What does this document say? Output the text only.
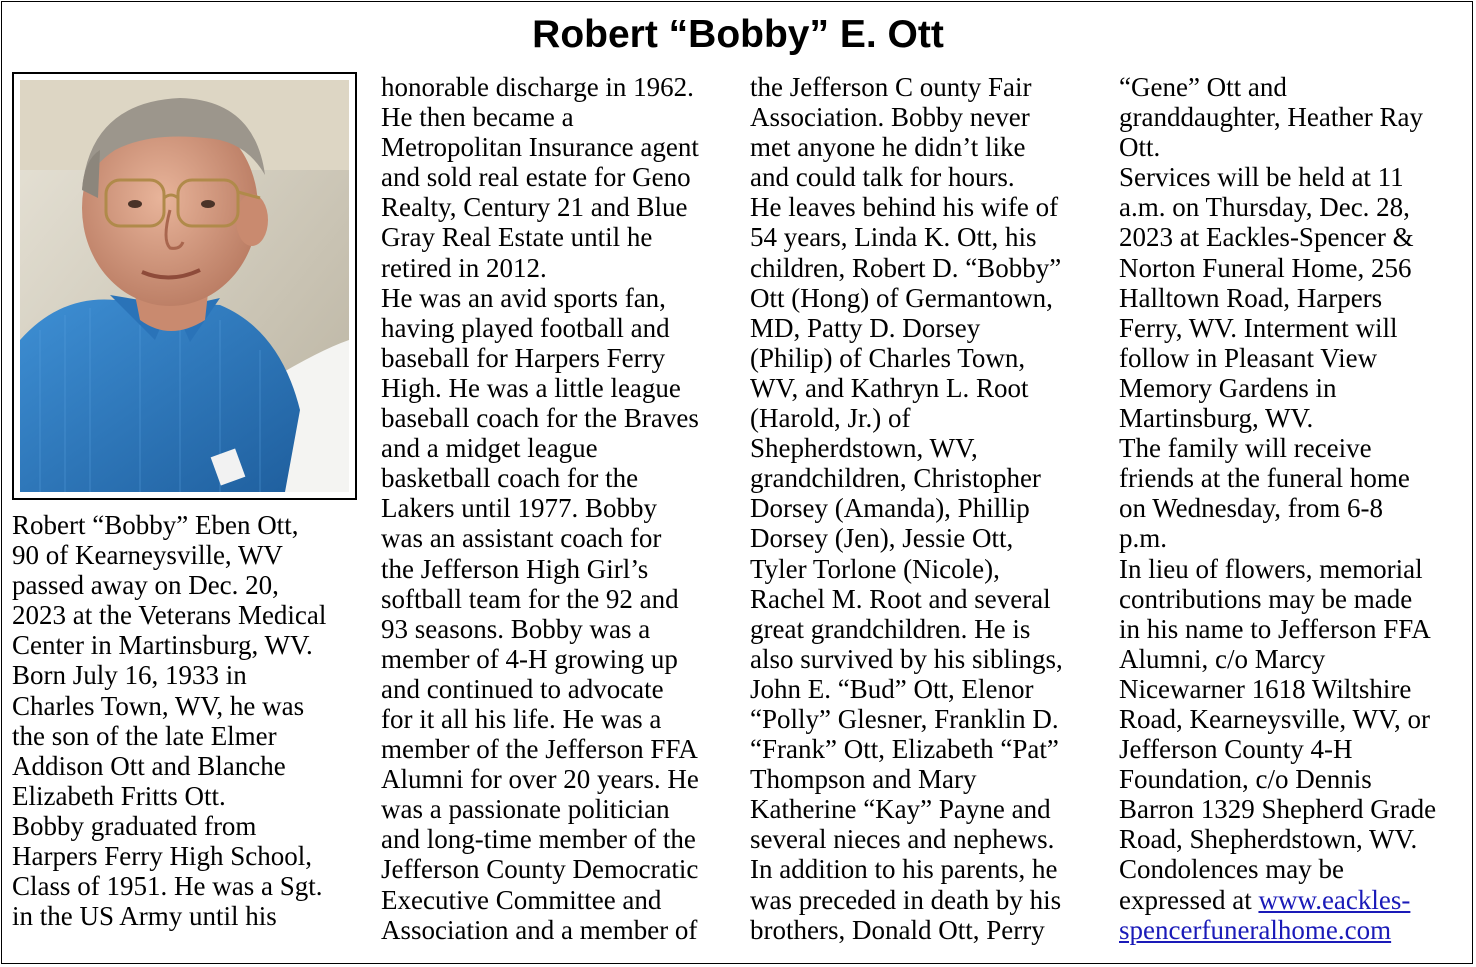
Robert “Bobby” E. Ott
Robert “Bobby” Eben Ott,
90 of Kearneysville, WV
passed away on Dec. 20,
2023 at the Veterans Medical
Center in Martinsburg, WV.
Born July 16, 1933 in
Charles Town, WV, he was
the son of the late Elmer
Addison Ott and Blanche
Elizabeth Fritts Ott.
Bobby graduated from
Harpers Ferry High School,
Class of 1951. He was a Sgt.
in the US Army until his
honorable discharge in 1962.
He then became a
Metropolitan Insurance agent
and sold real estate for Geno
Realty, Century 21 and Blue
Gray Real Estate until he
retired in 2012.
He was an avid sports fan,
having played football and
baseball for Harpers Ferry
High. He was a little league
baseball coach for the Braves
and a midget league
basketball coach for the
Lakers until 1977. Bobby
was an assistant coach for
the Jefferson High Girl’s
softball team for the 92 and
93 seasons. Bobby was a
member of 4-H growing up
and continued to advocate
for it all his life. He was a
member of the Jefferson FFA
Alumni for over 20 years. He
was a passionate politician
and long-time member of the
Jefferson County Democratic
Executive Committee and
Association and a member of
the Jefferson C ounty Fair
Association. Bobby never
met anyone he didn’t like
and could talk for hours.
He leaves behind his wife of
54 years, Linda K. Ott, his
children, Robert D. “Bobby”
Ott (Hong) of Germantown,
MD, Patty D. Dorsey
(Philip) of Charles Town,
WV, and Kathryn L. Root
(Harold, Jr.) of
Shepherdstown, WV,
grandchildren, Christopher
Dorsey (Amanda), Phillip
Dorsey (Jen), Jessie Ott,
Tyler Torlone (Nicole),
Rachel M. Root and several
great grandchildren. He is
also survived by his siblings,
John E. “Bud” Ott, Elenor
“Polly” Glesner, Franklin D.
“Frank” Ott, Elizabeth “Pat”
Thompson and Mary
Katherine “Kay” Payne and
several nieces and nephews.
In addition to his parents, he
was preceded in death by his
brothers, Donald Ott, Perry
“Gene” Ott and
granddaughter, Heather Ray
Ott.
Services will be held at 11
a.m. on Thursday, Dec. 28,
2023 at Eackles-Spencer &
Norton Funeral Home, 256
Halltown Road, Harpers
Ferry, WV. Interment will
follow in Pleasant View
Memory Gardens in
Martinsburg, WV.
The family will receive
friends at the funeral home
on Wednesday, from 6-8
p.m.
In lieu of flowers, memorial
contributions may be made
in his name to Jefferson FFA
Alumni, c/o Marcy
Nicewarner 1618 Wiltshire
Road, Kearneysville, WV, or
Jefferson County 4-H
Foundation, c/o Dennis
Barron 1329 Shepherd Grade
Road, Shepherdstown, WV.
Condolences may be
expressed at www.eackles-
spencerfuneralhome.com
